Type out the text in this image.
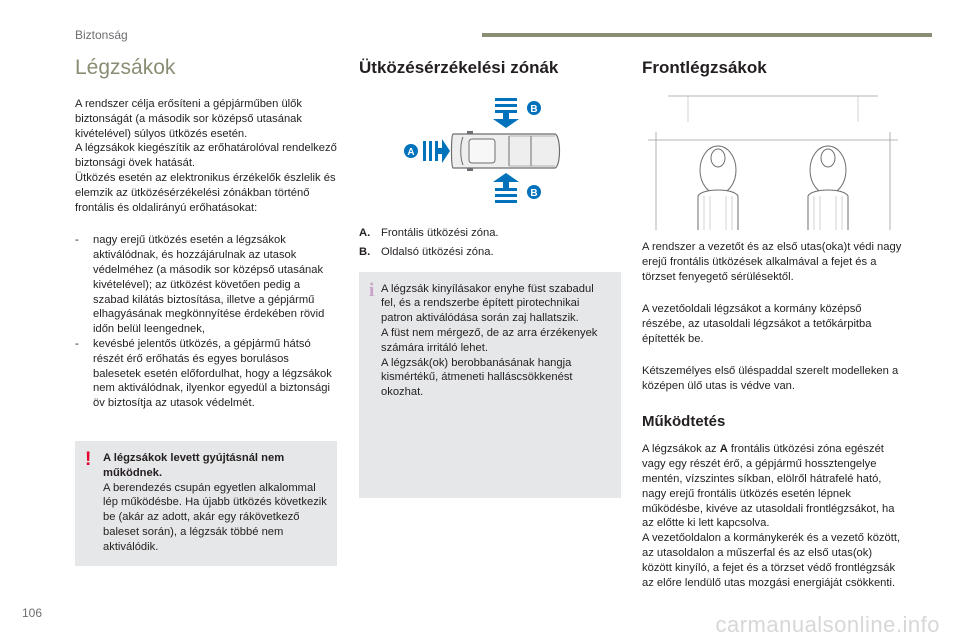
Biztonság
Légzsákok

A rendszer célja erősíteni a gépjárműben ülők biztonságát (a második sor középső utasának kivételével) súlyos ütközés esetén.

A légzsákok kiegészítik az erőhatárolóval rendelkező biztonsági övek hatását.

Ütközés esetén az elektronikus érzékelők észlelik és elemzik az ütközésérzékelési zónákban történő frontális és oldalirányú erőhatásokat:

- nagy erejű ütközés esetén a légzsákok aktiválódnak, és hozzájárulnak az utasok védelméhez (a második sor középső utasának kivételével); az ütközést követően pedig a szabad kilátás biztosítása, illetve a gépjármű elhagyásának megkönnyítése érdekében rövid időn belül leengednek,
- kevésbé jelentős ütközés, a gépjármű hátsó részét érő erőhatás és egyes borulásos balesetek esetén előfordulhat, hogy a légzsákok nem aktiválódnak, ilyenkor egyedül a biztonsági öv biztosítja az utasok védelmét.
! A légzsákok levett gyújtásnál nem működnek.
A berendezés csupán egyetlen alkalommal lép működésbe. Ha újabb ütközés következik be (akár az adott, akár egy rákövetkező baleset során), a légzsák többé nem aktiválódik.
Ütközésérzékelési zónák
A
B
B
A. Frontális ütközési zóna.
B. Oldalsó ütközési zóna.
i A légzsák kinyílásakor enyhe füst szabadul fel, és a rendszerbe épített pirotechnikai patron aktiválódása során zaj hallatszik.
A füst nem mérgező, de az arra érzékenyek számára irritáló lehet.
A légzsák(ok) berobbanásának hangja kismértékű, átmeneti halláscsökkenést okozhat.
Frontlégzsákok

A rendszer a vezetőt és az első utas(oka)t védi nagy erejű frontális ütközések alkalmával a fejet és a törzset fenyegető sérülésektől.

A vezetőoldali légzsákot a kormány középső részébe, az utasoldali légzsákot a tetőkárpitba építették be.

Kétszemélyes első üléspaddal szerelt modelleken a középen ülő utas is védve van.

Működtetés

A légzsákok az A frontális ütközési zóna egészét vagy egy részét érő, a gépjármű hossztengelye mentén, vízszintes síkban, elölről hátrafelé ható, nagy erejű frontális ütközés esetén lépnek működésbe, kivéve az utasoldali frontlégzsákot, ha az előtte ki lett kapcsolva.

A vezetőoldalon a kormánykerék és a vezető között, az utasoldalon a műszerfal és az első utas(ok) között kinyíló, a fejet és a törzset védő frontlégzsák az előre lendülő utas mozgási energiáját csökkenti.

106	carmanualsonline.info
